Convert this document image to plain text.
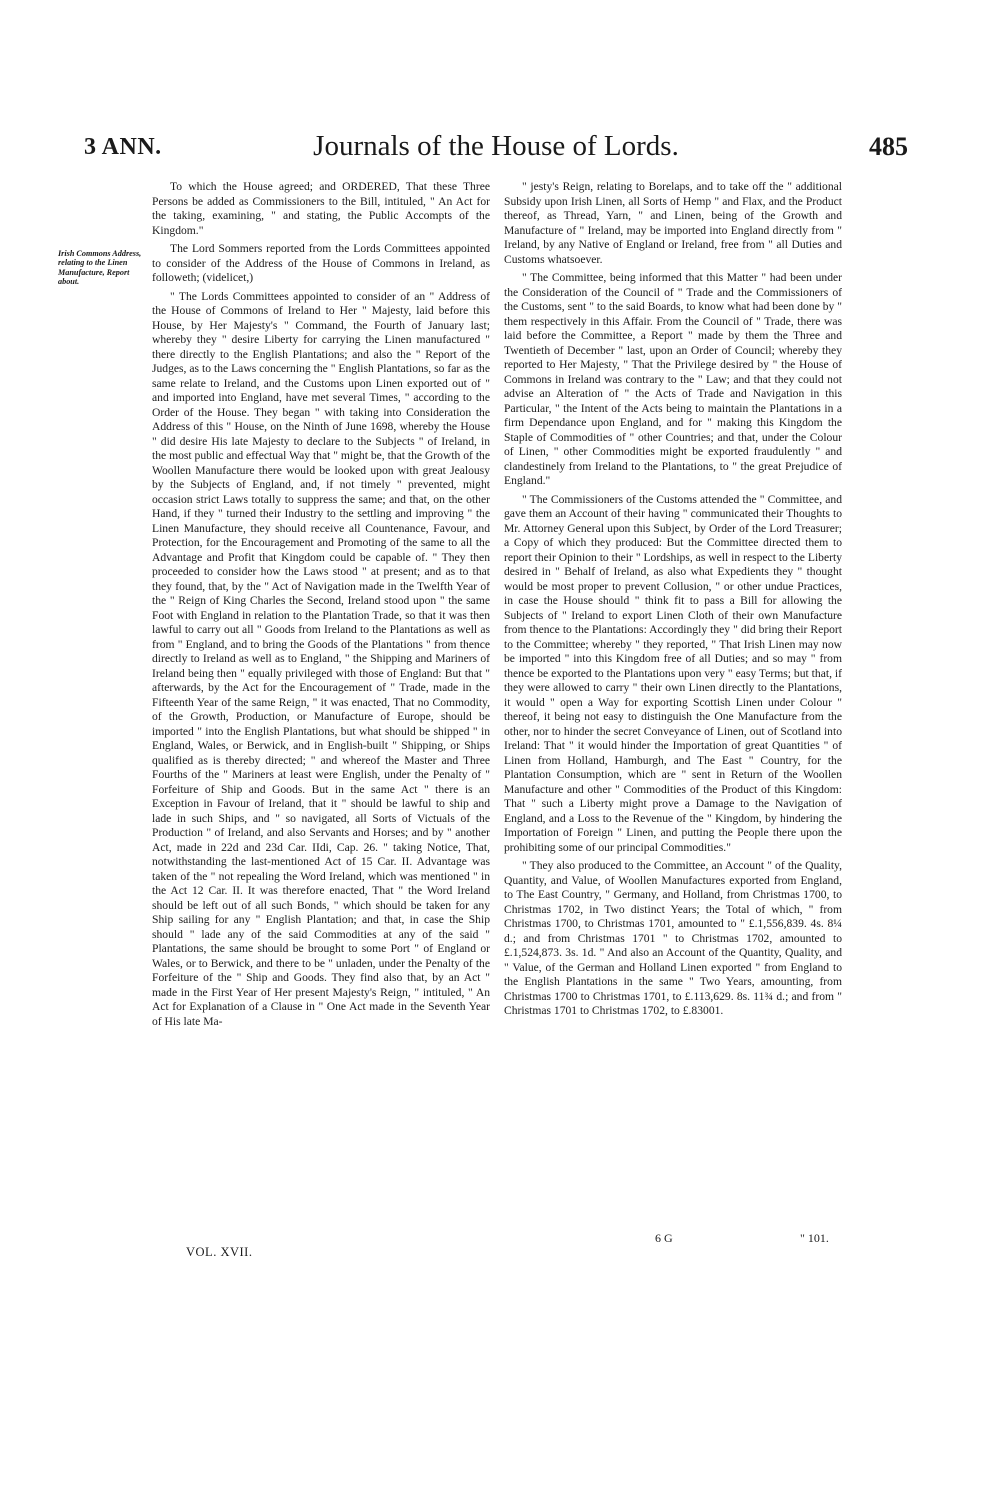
3 ANN.	Journals of the House of Lords.	485
Irish Commons Address, relating to the Linen Manufacture, Report about.

To which the House agreed; and ORDERED, That these Three Persons be added as Commissioners to the Bill, intituled, " An Act for the taking, examining, " and stating, the Public Accompts of the Kingdom."

The Lord Sommers reported from the Lords Committees appointed to consider of the Address of the House of Commons in Ireland, as followeth; (videlicet,)

" The Lords Committees appointed to consider of an " Address of the House of Commons of Ireland to Her " Majesty, laid before this House, by Her Majesty's " Command, the Fourth of January last; whereby they " desire Liberty for carrying the Linen manufactured " there directly to the English Plantations; and also the " Report of the Judges, as to the Laws concerning the " English Plantations, so far as the same relate to Ireland, and the Customs upon Linen exported out of " and imported into England, have met several Times, " according to the Order of the House. They began " with taking into Consideration the Address of this " House, on the Ninth of June 1698, whereby the House " did desire His late Majesty to declare to the Subjects " of Ireland, in the most public and effectual Way that " might be, that the Growth of the Woollen Manufacture there would be looked upon with great Jealousy by the Subjects of England, and, if not timely " prevented, might occasion strict Laws totally to suppress the same; and that, on the other Hand, if they " turned their Industry to the settling and improving " the Linen Manufacture, they should receive all Countenance, Favour, and Protection, for the Encouragement and Promoting of the same to all the Advantage and Profit that Kingdom could be capable of. " They then proceeded to consider how the Laws stood " at present; and as to that they found, that, by the " Act of Navigation made in the Twelfth Year of the " Reign of King Charles the Second, Ireland stood upon " the same Foot with England in relation to the Plantation Trade, so that it was then lawful to carry out all " Goods from Ireland to the Plantations as well as from " England, and to bring the Goods of the Plantations " from thence directly to Ireland as well as to England, " the Shipping and Mariners of Ireland being then " equally privileged with those of England: But that " afterwards, by the Act for the Encouragement of " Trade, made in the Fifteenth Year of the same Reign, " it was enacted, That no Commodity, of the Growth, Production, or Manufacture of Europe, should be imported " into the English Plantations, but what should be shipped " in England, Wales, or Berwick, and in English-built " Shipping, or Ships qualified as is thereby directed; " and whereof the Master and Three Fourths of the " Mariners at least were English, under the Penalty of " Forfeiture of Ship and Goods. But in the same Act " there is an Exception in Favour of Ireland, that it " should be lawful to ship and lade in such Ships, and " so navigated, all Sorts of Victuals of the Production " of Ireland, and also Servants and Horses; and by " another Act, made in 22d and 23d Car. IIdi, Cap. 26. " taking Notice, That, notwithstanding the last-mentioned Act of 15 Car. II. Advantage was taken of the " not repealing the Word Ireland, which was mentioned " in the Act 12 Car. II. It was therefore enacted, That " the Word Ireland should be left out of all such Bonds, " which should be taken for any Ship sailing for any " English Plantation; and that, in case the Ship should " lade any of the said Commodities at any of the said " Plantations, the same should be brought to some Port " of England or Wales, or to Berwick, and there to be " unladen, under the Penalty of the Forfeiture of the " Ship and Goods. They find also that, by an Act " made in the First Year of Her present Majesty's Reign, " intituled, " An Act for Explanation of a Clause in " One Act made in the Seventh Year of His late Ma-

" jesty's Reign, relating to Borelaps, and to take off the " additional Subsidy upon Irish Linen, all Sorts of Hemp " and Flax, and the Product thereof, as Thread, Yarn, " and Linen, being of the Growth and Manufacture of " Ireland, may be imported into England directly from " Ireland, by any Native of England or Ireland, free from " all Duties and Customs whatsoever.

" The Committee, being informed that this Matter " had been under the Consideration of the Council of " Trade and the Commissioners of the Customs, sent " to the said Boards, to know what had been done by " them respectively in this Affair. From the Council of " Trade, there was laid before the Committee, a Report " made by them the Three and Twentieth of December " last, upon an Order of Council; whereby they reported to Her Majesty, " That the Privilege desired by " the House of Commons in Ireland was contrary to the " Law; and that they could not advise an Alteration of " the Acts of Trade and Navigation in this Particular, " the Intent of the Acts being to maintain the Plantations in a firm Dependance upon England, and for " making this Kingdom the Staple of Commodities of " other Countries; and that, under the Colour of Linen, " other Commodities might be exported fraudulently " and clandestinely from Ireland to the Plantations, to " the great Prejudice of England."

" The Commissioners of the Customs attended the " Committee, and gave them an Account of their having " communicated their Thoughts to Mr. Attorney General upon this Subject, by Order of the Lord Treasurer; a Copy of which they produced: But the Committee directed them to report their Opinion to their " Lordships, as well in respect to the Liberty desired in " Behalf of Ireland, as also what Expedients they " thought would be most proper to prevent Collusion, " or other undue Practices, in case the House should " think fit to pass a Bill for allowing the Subjects of " Ireland to export Linen Cloth of their own Manufacture from thence to the Plantations: Accordingly they " did bring their Report to the Committee; whereby " they reported, " That Irish Linen may now be imported " into this Kingdom free of all Duties; and so may " from thence be exported to the Plantations upon very " easy Terms; but that, if they were allowed to carry " their own Linen directly to the Plantations, it would " open a Way for exporting Scottish Linen under Colour " thereof, it being not easy to distinguish the One Manufacture from the other, nor to hinder the secret Conveyance of Linen, out of Scotland into Ireland: That " it would hinder the Importation of great Quantities " of Linen from Holland, Hamburgh, and The East " Country, for the Plantation Consumption, which are " sent in Return of the Woollen Manufacture and other " Commodities of the Product of this Kingdom: That " such a Liberty might prove a Damage to the Navigation of England, and a Loss to the Revenue of the " Kingdom, by hindering the Importation of Foreign " Linen, and putting the People there upon the prohibiting some of our principal Commodities."

" They also produced to the Committee, an Account " of the Quality, Quantity, and Value, of Woollen Manufactures exported from England, to The East Country, " Germany, and Holland, from Christmas 1700, to Christmas 1702, in Two distinct Years; the Total of which, " from Christmas 1700, to Christmas 1701, amounted to " £.1,556,839. 4s. 8¼ d.; and from Christmas 1701 " to Christmas 1702, amounted to £.1,524,873. 3s. 1d. " And also an Account of the Quantity, Quality, and " Value, of the German and Holland Linen exported " from England to the English Plantations in the same " Two Years, amounting, from Christmas 1700 to Christmas 1701, to £.113,629. 8s. 11¾ d.; and from " Christmas 1701 to Christmas 1702, to £.83001.

VOL. XVII.
6 G	" 101.
